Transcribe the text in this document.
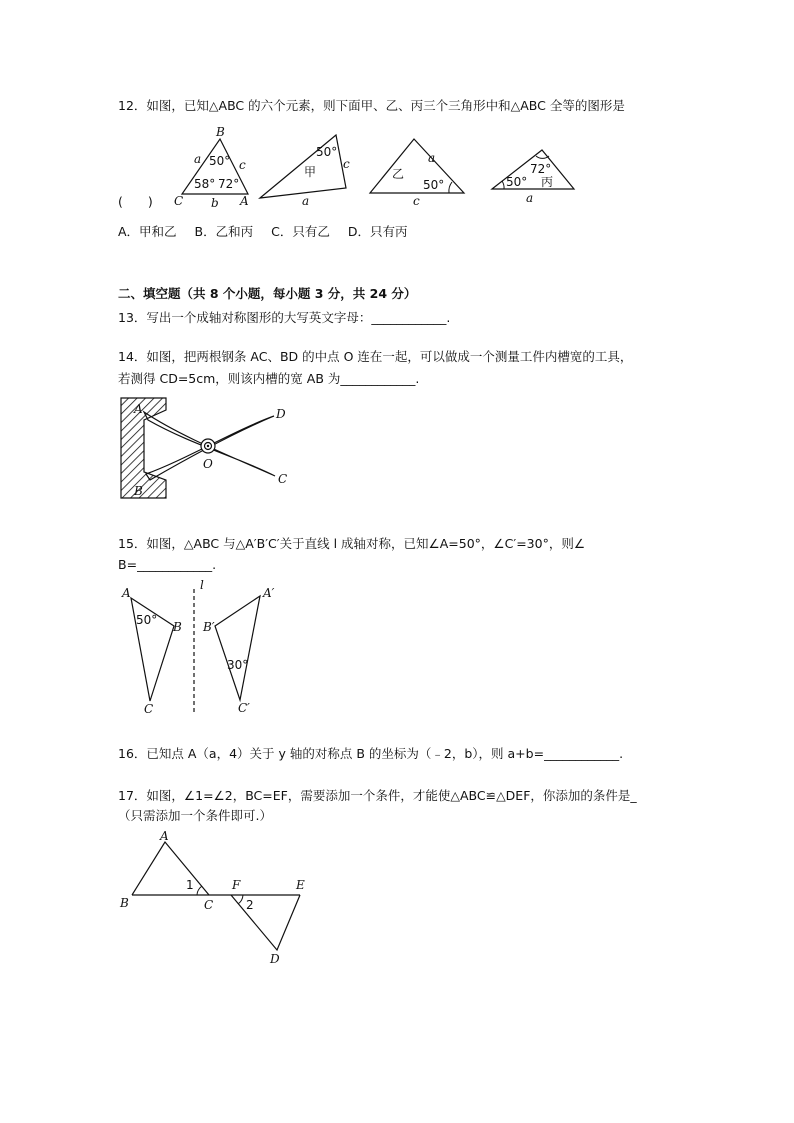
12．如图，已知△ABC 的六个元素，则下面甲、乙、丙三个三角形中和△ABC 全等的图形是
B
C	A
a
b
c
50°
58° 72°
50°
甲
c
a
乙
a
50°
c
72°
50° 丙
a
A
B
D
C
O
A
B
C
l
A′
B′
C′
50°
30°
A
B	C
F	E
D
1
2
(　　)
A．甲和乙 B．乙和丙 C．只有乙 D．只有丙
二、填空题（共 8 个小题，每小题 3 分，共 24 分）
13．写出一个成轴对称图形的大写英文字母：____________.
14．如图，把两根钢条 AC、BD 的中点 O 连在一起，可以做成一个测量工件内槽宽的工具，
若测得 CD=5cm，则该内槽的宽 AB 为____________.
15．如图，△ABC 与△A′B′C′关于直线 l 成轴对称，已知∠A=50°，∠C′=30°，则∠
B=____________.
16．已知点 A（a，4）关于 y 轴的对称点 B 的坐标为（﹣2，b），则 a+b=____________.
17．如图，∠1=∠2，BC=EF，需要添加一个条件，才能使△ABC≌△DEF，你添加的条件是_
（只需添加一个条件即可.）
